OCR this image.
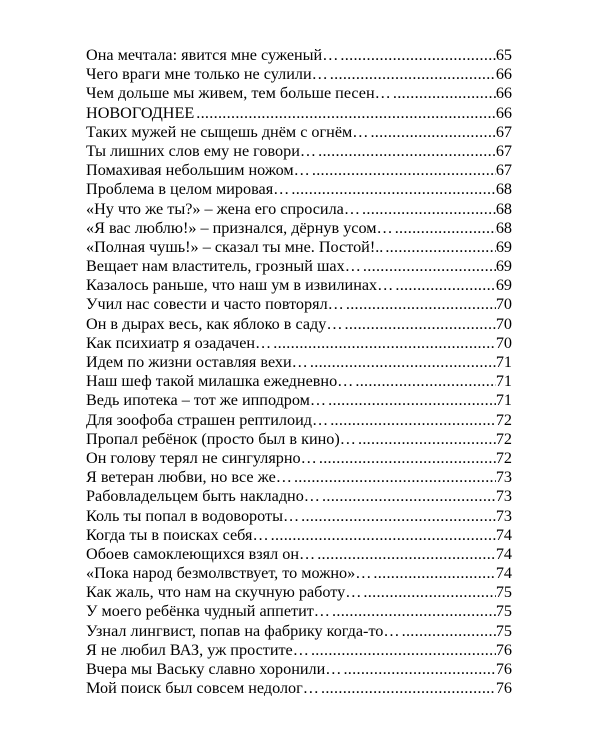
Она мечтала: явится мне суженый… .....	65
Чего враги мне только не сулили… .....	66
Чем дольше мы живем, тем больше песен… .....	66
НОВОГОДНЕЕ .....	66
Таких мужей не сыщешь днём с огнём… .....	67
Ты лишних слов ему не говори… .....	67
Помахивая небольшим ножом… .....	67
Проблема в целом мировая… .....	68
«Ну что же ты?» – жена его спросила… .....	68
«Я вас люблю!» – признался, дёрнув усом… .....	68
«Полная чушь!» – сказал ты мне. Постой!.. .....	69
Вещает нам властитель, грозный шах… .....	69
Казалось раньше, что наш ум в извилинах… .....	69
Учил нас совести и часто повторял… .....	70
Он в дырах весь, как яблоко в саду… .....	70
Как психиатр я озадачен… .....	70
Идем по жизни оставляя вехи… .....	71
Наш шеф такой милашка ежедневно… .....	71
Ведь ипотека – тот же ипподром… .....	71
Для зоофоба страшен рептилоид… .....	72
Пропал ребёнок (просто был в кино)… .....	72
Он голову терял не сингулярно… .....	72
Я ветеран любви, но все же… .....	73
Рабовладельцем быть накладно… .....	73
Коль ты попал в водовороты… .....	73
Когда ты в поисках себя… .....	74
Обоев самоклеющихся взял он… .....	74
«Пока народ безмолвствует, то можно»… .....	74
Как жаль, что нам на скучную работу… .....	75
У моего ребёнка чудный аппетит… .....	75
Узнал лингвист, попав на фабрику когда-то… .....	75
Я не любил ВАЗ, уж простите… .....	76
Вчера мы Ваську славно хоронили… .....	76
Мой поиск был совсем недолог… .....	76
